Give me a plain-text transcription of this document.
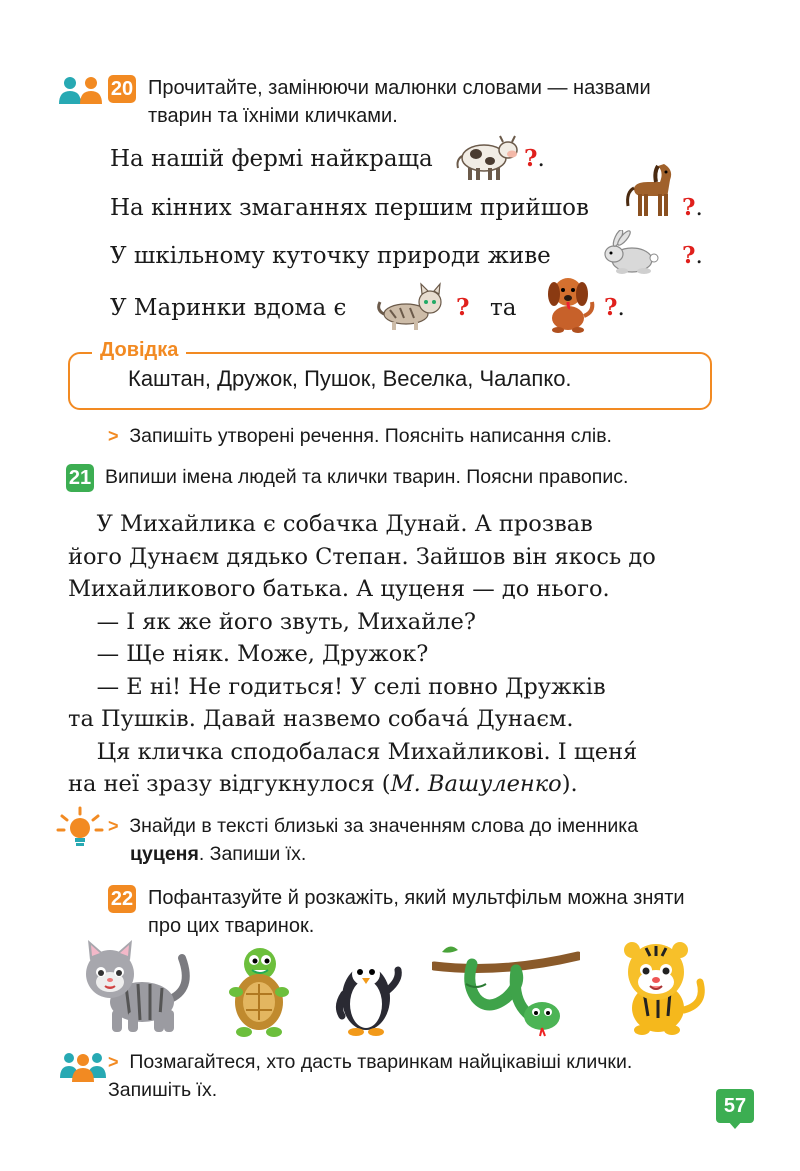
20 Прочитайте, замінюючи малюнки словами — назвами тварин та їхніми кличками.
На нашій фермі найкраща	?.
На кінних змаганнях першим прийшов	?.
У шкільному куточку природи живе	?.
У Маринки вдома є	? та	?.
Довідка
Каштан, Дружок, Пушок, Веселка, Чалапко.
> Запишіть утворені речення. Поясніть написання слів.
21 Випиши імена людей та клички тварин. Поясни правопис.
У Михайлика є собачка Дунай. А прозвав
його Дунаєм дядько Степан. Зайшов він якось до
Михайликового батька. А цуценя — до нього.
— І як же його звуть, Михайле?
— Ще ніяк. Може, Дружок?
— Е ні! Не годиться! У селі повно Дружків
та Пушків. Давай назвемо собача́ Дунаєм.
Ця кличка сподобалася Михайликові. І щеня́
на неї зразу відгукнулося (М. Вашуленко).
> Знайди в тексті близькі за значенням слова до іменника
цуценя. Запиши їх.
22 Пофантазуйте й розкажіть, який мультфільм можна зняти про цих тваринок.
> Позмагайтеся, хто дасть тваринкам найцікавіші клички. Запишіть їх.
57
